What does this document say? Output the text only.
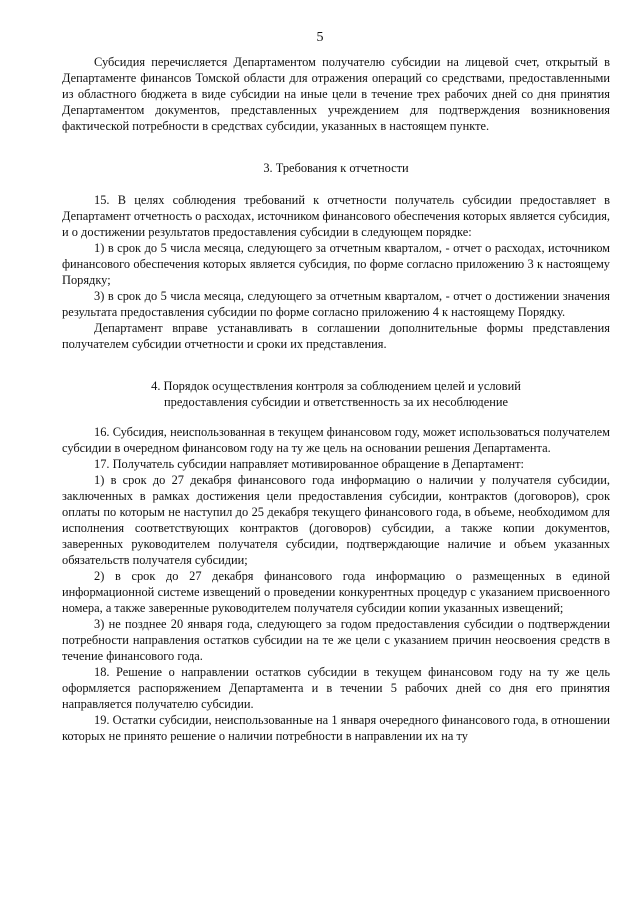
5

Субсидия перечисляется Департаментом получателю субсидии на лицевой счет, открытый в Департаменте финансов Томской области для отражения операций со средствами, предоставленными из областного бюджета в виде субсидии на иные цели в течение трех рабочих дней со дня принятия Департаментом документов, представленных учреждением для подтверждения возникновения фактической потребности в средствах субсидии, указанных в настоящем пункте.

3. Требования к отчетности

15. В целях соблюдения требований к отчетности получатель субсидии предоставляет в Департамент отчетность о расходах, источником финансового обеспечения которых является субсидия, и о достижении результатов предоставления субсидии в следующем порядке:

1) в срок до 5 числа месяца, следующего за отчетным кварталом, - отчет о расходах, источником финансового обеспечения которых является субсидия, по форме согласно приложению 3 к настоящему Порядку;

3) в срок до 5 числа месяца, следующего за отчетным кварталом, - отчет о достижении значения результата предоставления субсидии по форме согласно приложению 4 к настоящему Порядку.

Департамент вправе устанавливать в соглашении дополнительные формы представления получателем субсидии отчетности и сроки их представления.

4. Порядок осуществления контроля за соблюдением целей и условий
предоставления субсидии и ответственность за их несоблюдение

16. Субсидия, неиспользованная в текущем финансовом году, может использоваться получателем субсидии в очередном финансовом году на ту же цель на основании решения Департамента.

17. Получатель субсидии направляет мотивированное обращение в Департамент:

1) в срок до 27 декабря финансового года информацию о наличии у получателя субсидии, заключенных в рамках достижения цели предоставления субсидии, контрактов (договоров), срок оплаты по которым не наступил до 25 декабря текущего финансового года, в объеме, необходимом для исполнения соответствующих контрактов (договоров) субсидии, а также копии документов, заверенных руководителем получателя субсидии, подтверждающие наличие и объем указанных обязательств получателя субсидии;

2) в срок до 27 декабря финансового года информацию о размещенных в единой информационной системе извещений о проведении конкурентных процедур с указанием присвоенного номера, а также заверенные руководителем получателя субсидии копии указанных извещений;

3) не позднее 20 января года, следующего за годом предоставления субсидии о подтверждении потребности направления остатков субсидии на те же цели с указанием причин неосвоения средств в течение финансового года.

18. Решение о направлении остатков субсидии в текущем финансовом году на ту же цель оформляется распоряжением Департамента и в течении 5 рабочих дней со дня его принятия направляется получателю субсидии.

19. Остатки субсидии, неиспользованные на 1 января очередного финансового года, в отношении которых не принято решение о наличии потребности в направлении их на ту
